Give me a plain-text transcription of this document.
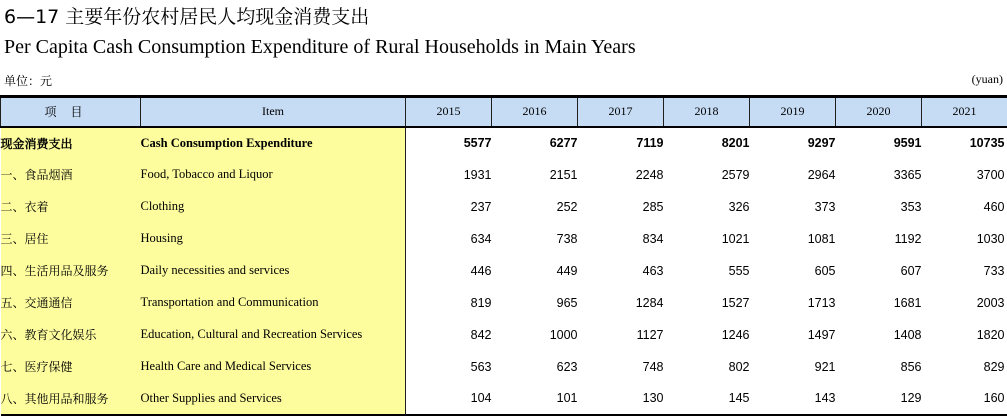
6—17 主要年份农村居民人均现金消费支出
Per Capita Cash Consumption Expenditure of Rural Households in Main Years
单位：元	(yuan)
项目	Item	2015	2016	2017	2018	2019	2020	2021
现金消费支出	Cash Consumption Expenditure	5577	6277	7119	8201	9297	9591	10735
一、食品烟酒	Food, Tobacco and Liquor	1931	2151	2248	2579	2964	3365	3700
二、衣着	Clothing	237	252	285	326	373	353	460
三、居住	Housing	634	738	834	1021	1081	1192	1030
四、生活用品及服务	Daily necessities and services	446	449	463	555	605	607	733
五、交通通信	Transportation and Communication	819	965	1284	1527	1713	1681	2003
六、教育文化娱乐	Education, Cultural and Recreation Services	842	1000	1127	1246	1497	1408	1820
七、医疗保健	Health Care and Medical Services	563	623	748	802	921	856	829
八、其他用品和服务	Other Supplies and Services	104	101	130	145	143	129	160
